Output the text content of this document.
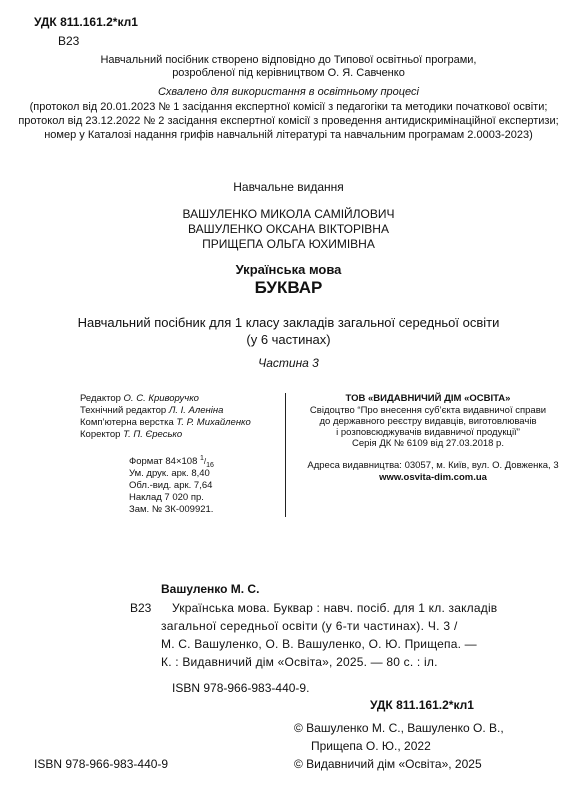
УДК 811.161.2*кл1
В23
Навчальний посібник створено відповідно до Типової освітньої програми,
розробленої під керівництвом О. Я. Савченко
Схвалено для використання в освітньому процесі
(протокол від 20.01.2023 № 1 засідання експертної комісії з педагогіки та методики початкової освіти;
протокол від 23.12.2022 № 2 засідання експертної комісії з проведення антидискримінаційної експертизи;
номер у Каталозі надання грифів навчальній літературі та навчальним програмам 2.0003-2023)
Навчальне видання
ВАШУЛЕНКО МИКОЛА САМІЙЛОВИЧ
ВАШУЛЕНКО ОКСАНА ВІКТОРІВНА
ПРИЩЕПА ОЛЬГА ЮХИМІВНА
Українська мова
БУКВАР
Навчальний посібник для 1 класу закладів загальної середньої освіти
(у 6 частинах)
Частина 3
Редактор О. С. Криворучко
Технічний редактор Л. І. Аленіна
Комп’ютерна верстка Т. Р. Михайленко
Коректор Т. П. Єресько
Формат 84×108 $^1/_{16}$
Ум. друк. арк. 8,40
Обл.-вид. арк. 7,64
Наклад 7 020 пр.
Зам. № ЗК-009921.
ТОВ «ВИДАВНИЧИЙ ДІМ «ОСВІТА»
Свідоцтво “Про внесення суб’єкта видавничої справи
до державного реєстру видавців, виготовлювачів
і розповсюджувачів видавничої продукції”
Серія ДК № 6109 від 27.03.2018 р.
Адреса видавництва: 03057, м. Київ, вул. О. Довженка, 3
www.osvita-dim.com.ua
Вашуленко М. С.
В23 Українська мова. Буквар : навч. посіб. для 1 кл. закладів
загальної середньої освіти (у 6-ти частинах). Ч. 3 /
М. С. Вашуленко, О. В. Вашуленко, О. Ю. Прищепа. —
К. : Видавничий дім «Освіта», 2025. — 80 с. : іл.
ISBN 978-966-983-440-9.
УДК 811.161.2*кл1
© Вашуленко М. С., Вашуленко О. В.,
Прищепа О. Ю., 2022
© Видавничий дім «Освіта», 2025
ISBN 978-966-983-440-9
